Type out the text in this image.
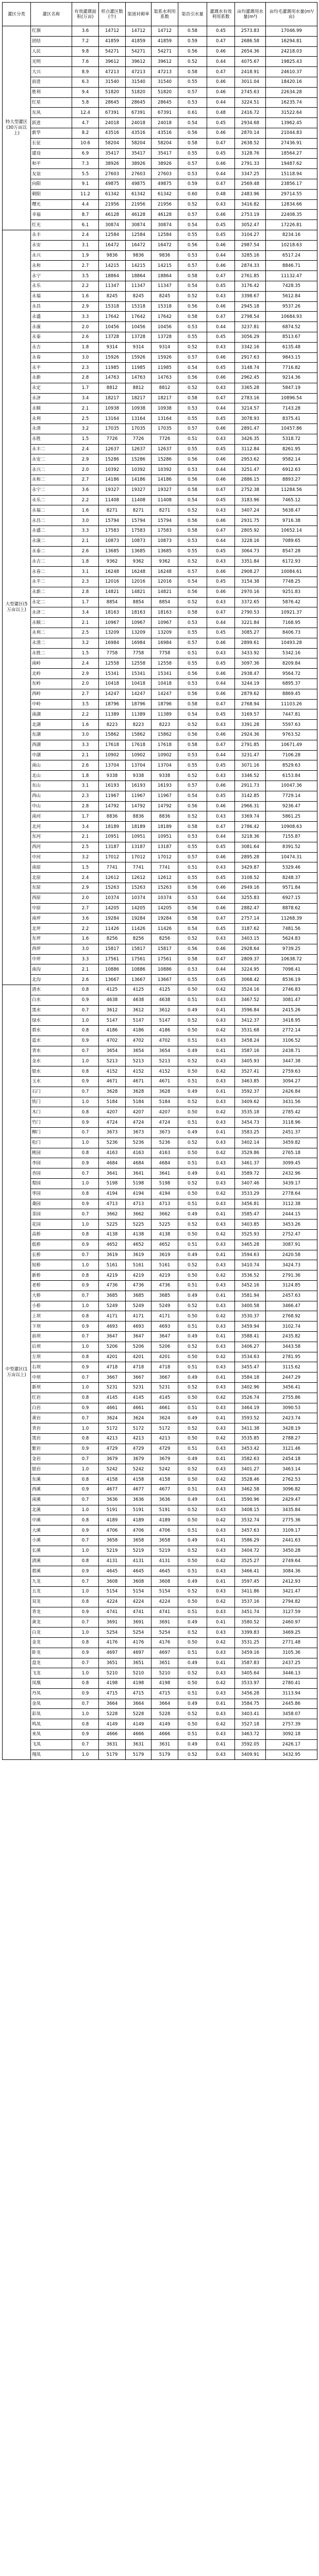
灌区分类	灌区名称	有效灌溉面积(万亩)	样点灌区数(个)	渠道衬砌率	渠系水利用系数	渠首引水量	灌溉水有效利用系数	亩均灌溉用水量(m³)	亩均毛灌溉用水量(m³/亩)
特大型灌区(30万亩以上)	红旗	3.6	14712	14712	14712	0.58	0.45	2573.83	17046.99
	团结	7.2	41859	41859	41859	0.59	0.47	2686.58	16294.81
	人民	9.8	54271	54271	54271	0.56	0.46	2654.36	24218.03
	光明	7.6	39612	39612	39612	0.52	0.44	4075.67	19825.43
	大兴	8.9	47213	47213	47213	0.58	0.47	2418.91	24610.37
	前进	6.3	31540	31540	31540	0.55	0.46	3011.04	18420.16
	胜利	9.4	51820	51820	51820	0.57	0.46	2745.63	22634.28
	红星	5.8	28645	28645	28645	0.53	0.44	3224.51	16235.74
	东风	12.4	67391	67391	67391	0.61	0.48	2416.72	31522.64
	跃进	4.7	24018	24018	24018	0.54	0.45	2934.68	13962.45
	新华	8.2	43516	43516	43516	0.56	0.46	2870.14	21044.83
	长征	10.6	58204	58204	58204	0.58	0.47	2638.52	27436.91
	建设	6.9	35417	35417	35417	0.55	0.45	3128.76	18564.27
	和平	7.3	38926	38926	38926	0.57	0.46	2791.33	19487.62
	友谊	5.5	27603	27603	27603	0.53	0.44	3347.25	15118.94
	向阳	9.1	49875	49875	49875	0.59	0.47	2569.48	23856.17
	朝阳	11.2	61342	61342	61342	0.60	0.48	2483.96	29714.55
	曙光	4.4	21956	21956	21956	0.52	0.43	3416.82	12834.66
	幸福	8.7	46128	46128	46128	0.57	0.46	2753.19	22408.35
	红光	6.1	30874	30874	30874	0.54	0.45	3052.47	17226.81
大型灌区(5万亩以上)	永丰	2.4	12584	12584	12584	0.55	0.45	3104.27	8234.16
	永安	3.1	16472	16472	16472	0.56	0.46	2987.54	10218.63
	永兴	1.9	9836	9836	9836	0.53	0.44	3285.16	6517.24
	永和	2.7	14215	14215	14215	0.57	0.46	2874.33	8846.71
	永宁	3.5	18864	18864	18864	0.58	0.47	2761.85	11132.47
	永乐	2.2	11347	11347	11347	0.54	0.45	3176.42	7428.35
	永福	1.6	8245	8245	8245	0.52	0.43	3398.67	5612.84
	永昌	2.9	15318	15318	15318	0.56	0.46	2945.18	9537.26
	永盛	3.3	17642	17642	17642	0.58	0.47	2798.54	10684.93
	永康	2.0	10456	10456	10456	0.53	0.44	3237.81	6874.52
	永泰	2.6	13728	13728	13728	0.55	0.45	3056.29	8513.67
	永吉	1.8	9314	9314	9314	0.52	0.43	3342.16	6135.48
	永春	3.0	15926	15926	15926	0.57	0.46	2917.63	9843.15
	永平	2.3	11985	11985	11985	0.54	0.45	3148.74	7716.82
	永新	2.8	14763	14763	14763	0.56	0.46	2962.45	9214.36
	永定	1.7	8812	8812	8812	0.52	0.43	3365.28	5847.19
	永济	3.4	18217	18217	18217	0.58	0.47	2783.16	10896.54
	永顺	2.1	10938	10938	10938	0.53	0.44	3214.57	7143.28
	永利	2.5	13164	13164	13164	0.55	0.45	3078.93	8375.41
	永清	3.2	17035	17035	17035	0.57	0.46	2891.47	10457.86
	永胜	1.5	7726	7726	7726	0.51	0.43	3426.35	5318.72
	永丰二	2.4	12637	12637	12637	0.55	0.45	3112.84	8261.95
	永安二	2.9	15286	15286	15286	0.56	0.46	2953.62	9582.14
	永兴二	2.0	10392	10392	10392	0.53	0.44	3251.47	6912.63
	永和二	2.7	14186	14186	14186	0.56	0.46	2886.15	8893.27
	永宁二	3.6	19327	19327	19327	0.58	0.47	2752.38	11284.56
	永乐二	2.2	11408	11408	11408	0.54	0.45	3183.96	7465.12
	永福二	1.6	8271	8271	8271	0.52	0.43	3407.24	5638.47
	永昌二	3.0	15794	15794	15794	0.56	0.46	2931.75	9716.38
	永盛二	3.3	17583	17583	17583	0.58	0.47	2805.92	10652.14
	永康二	2.1	10873	10873	10873	0.53	0.44	3228.16	7089.65
	永泰二	2.6	13685	13685	13685	0.55	0.45	3064.73	8547.28
	永吉二	1.8	9362	9362	9362	0.52	0.43	3351.84	6172.93
	永春二	3.1	16248	16248	16248	0.57	0.46	2908.27	10084.61
	永平二	2.3	12016	12016	12016	0.54	0.45	3154.38	7748.25
	永新二	2.8	14821	14821	14821	0.56	0.46	2970.16	9251.83
	永定二	1.7	8854	8854	8854	0.52	0.43	3372.65	5876.42
	永济二	3.4	18163	18163	18163	0.58	0.47	2790.53	10921.37
	永顺二	2.1	10967	10967	10967	0.53	0.44	3221.84	7168.95
	永利二	2.5	13209	13209	13209	0.55	0.45	3085.27	8406.73
	永清二	3.2	16984	16984	16984	0.57	0.46	2899.61	10493.28
	永胜二	1.5	7758	7758	7758	0.51	0.43	3433.92	5342.16
	南岭	2.4	12558	12558	12558	0.55	0.45	3097.36	8209.84
	北岭	2.9	15341	15341	15341	0.56	0.46	2938.47	9564.72
	东岭	2.0	10418	10418	10418	0.53	0.44	3244.19	6895.37
	西岭	2.7	14247	14247	14247	0.56	0.46	2879.62	8869.45
	中岭	3.5	18796	18796	18796	0.58	0.47	2768.94	11103.26
	南湖	2.2	11389	11389	11389	0.54	0.45	3169.57	7447.81
	北湖	1.6	8223	8223	8223	0.52	0.43	3391.28	5597.63
	东湖	3.0	15862	15862	15862	0.56	0.46	2924.36	9763.52
	西湖	3.3	17618	17618	17618	0.58	0.47	2791.85	10671.49
	中湖	2.1	10902	10902	10902	0.53	0.44	3231.47	7106.28
	南山	2.6	13704	13704	13704	0.55	0.45	3071.16	8529.63
	北山	1.8	9338	9338	9338	0.52	0.43	3346.52	6153.84
	东山	3.1	16193	16193	16193	0.57	0.46	2911.73	10047.36
	西山	2.3	11967	11967	11967	0.54	0.45	3142.85	7729.14
	中山	2.8	14792	14792	14792	0.56	0.46	2966.31	9236.47
	南河	1.7	8836	8836	8836	0.52	0.43	3369.74	5861.25
	北河	3.4	18189	18189	18189	0.58	0.47	2786.42	10908.63
	东河	2.1	10951	10951	10951	0.53	0.44	3218.36	7155.87
	西河	2.5	13187	13187	13187	0.55	0.45	3081.64	8391.52
	中河	3.2	17012	17012	17012	0.57	0.46	2895.28	10474.31
	南原	1.5	7741	7741	7741	0.51	0.43	3429.87	5329.46
	北原	2.4	12612	12612	12612	0.55	0.45	3108.52	8248.37
	东原	2.9	15263	15263	15263	0.56	0.46	2949.16	9571.84
	西原	2.0	10374	10374	10374	0.53	0.44	3255.83	6927.15
	中原	2.7	14205	14205	14205	0.56	0.46	2882.47	8878.62
	南坪	3.6	19284	19284	19284	0.58	0.47	2757.14	11268.39
	北坪	2.2	11426	11426	11426	0.54	0.45	3187.62	7481.56
	东坪	1.6	8256	8256	8256	0.52	0.43	3403.15	5624.83
	西坪	3.0	15817	15817	15817	0.56	0.46	2928.64	9739.25
	中坪	3.3	17561	17561	17561	0.58	0.47	2809.37	10638.72
	南沟	2.1	10886	10886	10886	0.53	0.44	3224.95	7098.41
	北沟	2.6	13667	13667	13667	0.55	0.45	3068.42	8536.19
中型灌区(1万亩以上)	清水	0.8	4125	4125	4125	0.50	0.42	3524.16	2746.83
	白水	0.9	4638	4638	4638	0.51	0.43	3467.52	3081.47
	黑水	0.7	3612	3612	3612	0.49	0.41	3596.84	2415.26
	绿水	1.0	5147	5147	5147	0.52	0.43	3412.37	3418.95
	碧水	0.8	4186	4186	4186	0.50	0.42	3531.68	2772.14
	蓝水	0.9	4702	4702	4702	0.51	0.43	3458.24	3106.52
	青水	0.7	3654	3654	3654	0.49	0.41	3587.16	2438.71
	金水	1.0	5213	5213	5213	0.52	0.43	3405.93	3447.38
	银水	0.8	4152	4152	4152	0.50	0.42	3527.41	2759.63
	玉水	0.9	4671	4671	4671	0.51	0.43	3463.85	3094.27
	石门	0.7	3628	3628	3628	0.49	0.41	3592.37	2426.84
	铁门	1.0	5184	5184	5184	0.52	0.43	3409.62	3431.56
	木门	0.8	4207	4207	4207	0.50	0.42	3535.18	2785.42
	竹门	0.9	4724	4724	4724	0.51	0.43	3454.73	3118.96
	柳门	0.7	3673	3673	3673	0.49	0.41	3583.25	2451.37
	松门	1.0	5236	5236	5236	0.52	0.43	3402.14	3459.82
	桃园	0.8	4163	4163	4163	0.50	0.42	3529.86	2765.18
	李园	0.9	4684	4684	4684	0.51	0.43	3461.37	3099.45
	杏园	0.7	3641	3641	3641	0.49	0.41	3589.72	2432.96
	梨园	1.0	5198	5198	5198	0.52	0.43	3407.46	3439.17
	枣园	0.8	4194	4194	4194	0.50	0.42	3533.29	2778.64
	桑园	0.9	4713	4713	4713	0.51	0.43	3456.81	3112.38
	茶园	0.7	3662	3662	3662	0.49	0.41	3585.47	2444.15
	花园	1.0	5225	5225	5225	0.52	0.43	3403.85	3453.26
	高桥	0.8	4138	4138	4138	0.50	0.42	3525.93	2752.47
	低桥	0.9	4652	4652	4652	0.51	0.43	3465.28	3087.91
	长桥	0.7	3619	3619	3619	0.49	0.41	3594.63	2420.58
	短桥	1.0	5161	5161	5161	0.52	0.43	3410.74	3424.73
	新桥	0.8	4219	4219	4219	0.50	0.42	3536.52	2791.36
	老桥	0.9	4736	4736	4736	0.51	0.43	3452.16	3124.85
	大桥	0.7	3685	3685	3685	0.49	0.41	3581.94	2457.63
	小桥	1.0	5249	5249	5249	0.52	0.43	3400.58	3466.47
	上坝	0.8	4171	4171	4171	0.50	0.42	3530.37	2768.92
	下坝	0.9	4693	4693	4693	0.51	0.43	3459.94	3102.74
	前坝	0.7	3647	3647	3647	0.49	0.41	3588.41	2435.82
	后坝	1.0	5206	5206	5206	0.52	0.43	3406.27	3443.58
	左坝	0.8	4201	4201	4201	0.50	0.42	3534.63	2781.95
	右坝	0.9	4718	4718	4718	0.51	0.43	3455.47	3115.62
	中坝	0.7	3667	3667	3667	0.49	0.41	3584.18	2447.29
	新坝	1.0	5231	5231	5231	0.52	0.43	3402.96	3456.41
	红岩	0.8	4145	4145	4145	0.50	0.42	3526.74	2755.86
	白岩	0.9	4661	4661	4661	0.51	0.43	3464.19	3090.53
	黄岩	0.7	3624	3624	3624	0.49	0.41	3593.52	2423.74
	青岩	1.0	5172	5172	5172	0.52	0.43	3411.38	3428.19
	黑岩	0.8	4213	4213	4213	0.50	0.42	3535.85	2788.27
	紫岩	0.9	4729	4729	4729	0.51	0.43	3453.42	3121.46
	金岩	0.7	3679	3679	3679	0.49	0.41	3582.63	2454.18
	银岩	1.0	5242	5242	5242	0.52	0.43	3401.27	3463.14
	东溪	0.8	4158	4158	4158	0.50	0.42	3528.46	2762.53
	西溪	0.9	4677	4677	4677	0.51	0.43	3462.58	3096.82
	南溪	0.7	3636	3636	3636	0.49	0.41	3590.96	2429.47
	北溪	1.0	5191	5191	5191	0.52	0.43	3408.15	3435.84
	中溪	0.8	4189	4189	4189	0.50	0.42	3532.74	2775.36
	大溪	0.9	4706	4706	4706	0.51	0.43	3457.63	3109.17
	小溪	0.7	3658	3658	3658	0.49	0.41	3586.29	2441.63
	长溪	1.0	5219	5219	5219	0.52	0.43	3404.72	3450.28
	清溪	0.8	4131	4131	4131	0.50	0.42	3525.27	2749.64
	碧溪	0.9	4645	4645	4645	0.51	0.43	3466.41	3084.36
	九龙	0.7	3608	3608	3608	0.49	0.41	3597.45	2412.93
	五龙	1.0	5154	5154	5154	0.52	0.43	3411.86	3421.47
	双龙	0.8	4224	4224	4224	0.50	0.42	3537.16	2794.82
	青龙	0.9	4741	4741	4741	0.51	0.43	3451.74	3127.59
	黄龙	0.7	3691	3691	3691	0.49	0.41	3580.52	2460.97
	白龙	1.0	5254	5254	5254	0.52	0.43	3399.83	3469.25
	金龙	0.8	4176	4176	4176	0.50	0.42	3531.25	2771.48
	卧龙	0.9	4697	4697	4697	0.51	0.43	3459.16	3105.36
	盘龙	0.7	3651	3651	3651	0.49	0.41	3587.83	2437.25
	飞龙	1.0	5210	5210	5210	0.52	0.43	3405.64	3446.13
	凤凰	0.8	4198	4198	4198	0.50	0.42	3533.97	2780.41
	丹凤	0.9	4715	4715	4715	0.51	0.43	3456.28	3113.94
	金凤	0.7	3664	3664	3664	0.49	0.41	3584.75	2445.86
	彩凤	1.0	5228	5228	5228	0.52	0.43	3403.41	3458.07
	鸣凤	0.8	4149	4149	4149	0.50	0.42	3527.18	2757.39
	来凤	0.9	4666	4666	4666	0.51	0.43	3463.72	3092.18
	飞凤	0.7	3631	3631	3631	0.49	0.41	3592.05	2426.17
	翔凤	1.0	5179	5179	5179	0.52	0.43	3409.91	3432.95
